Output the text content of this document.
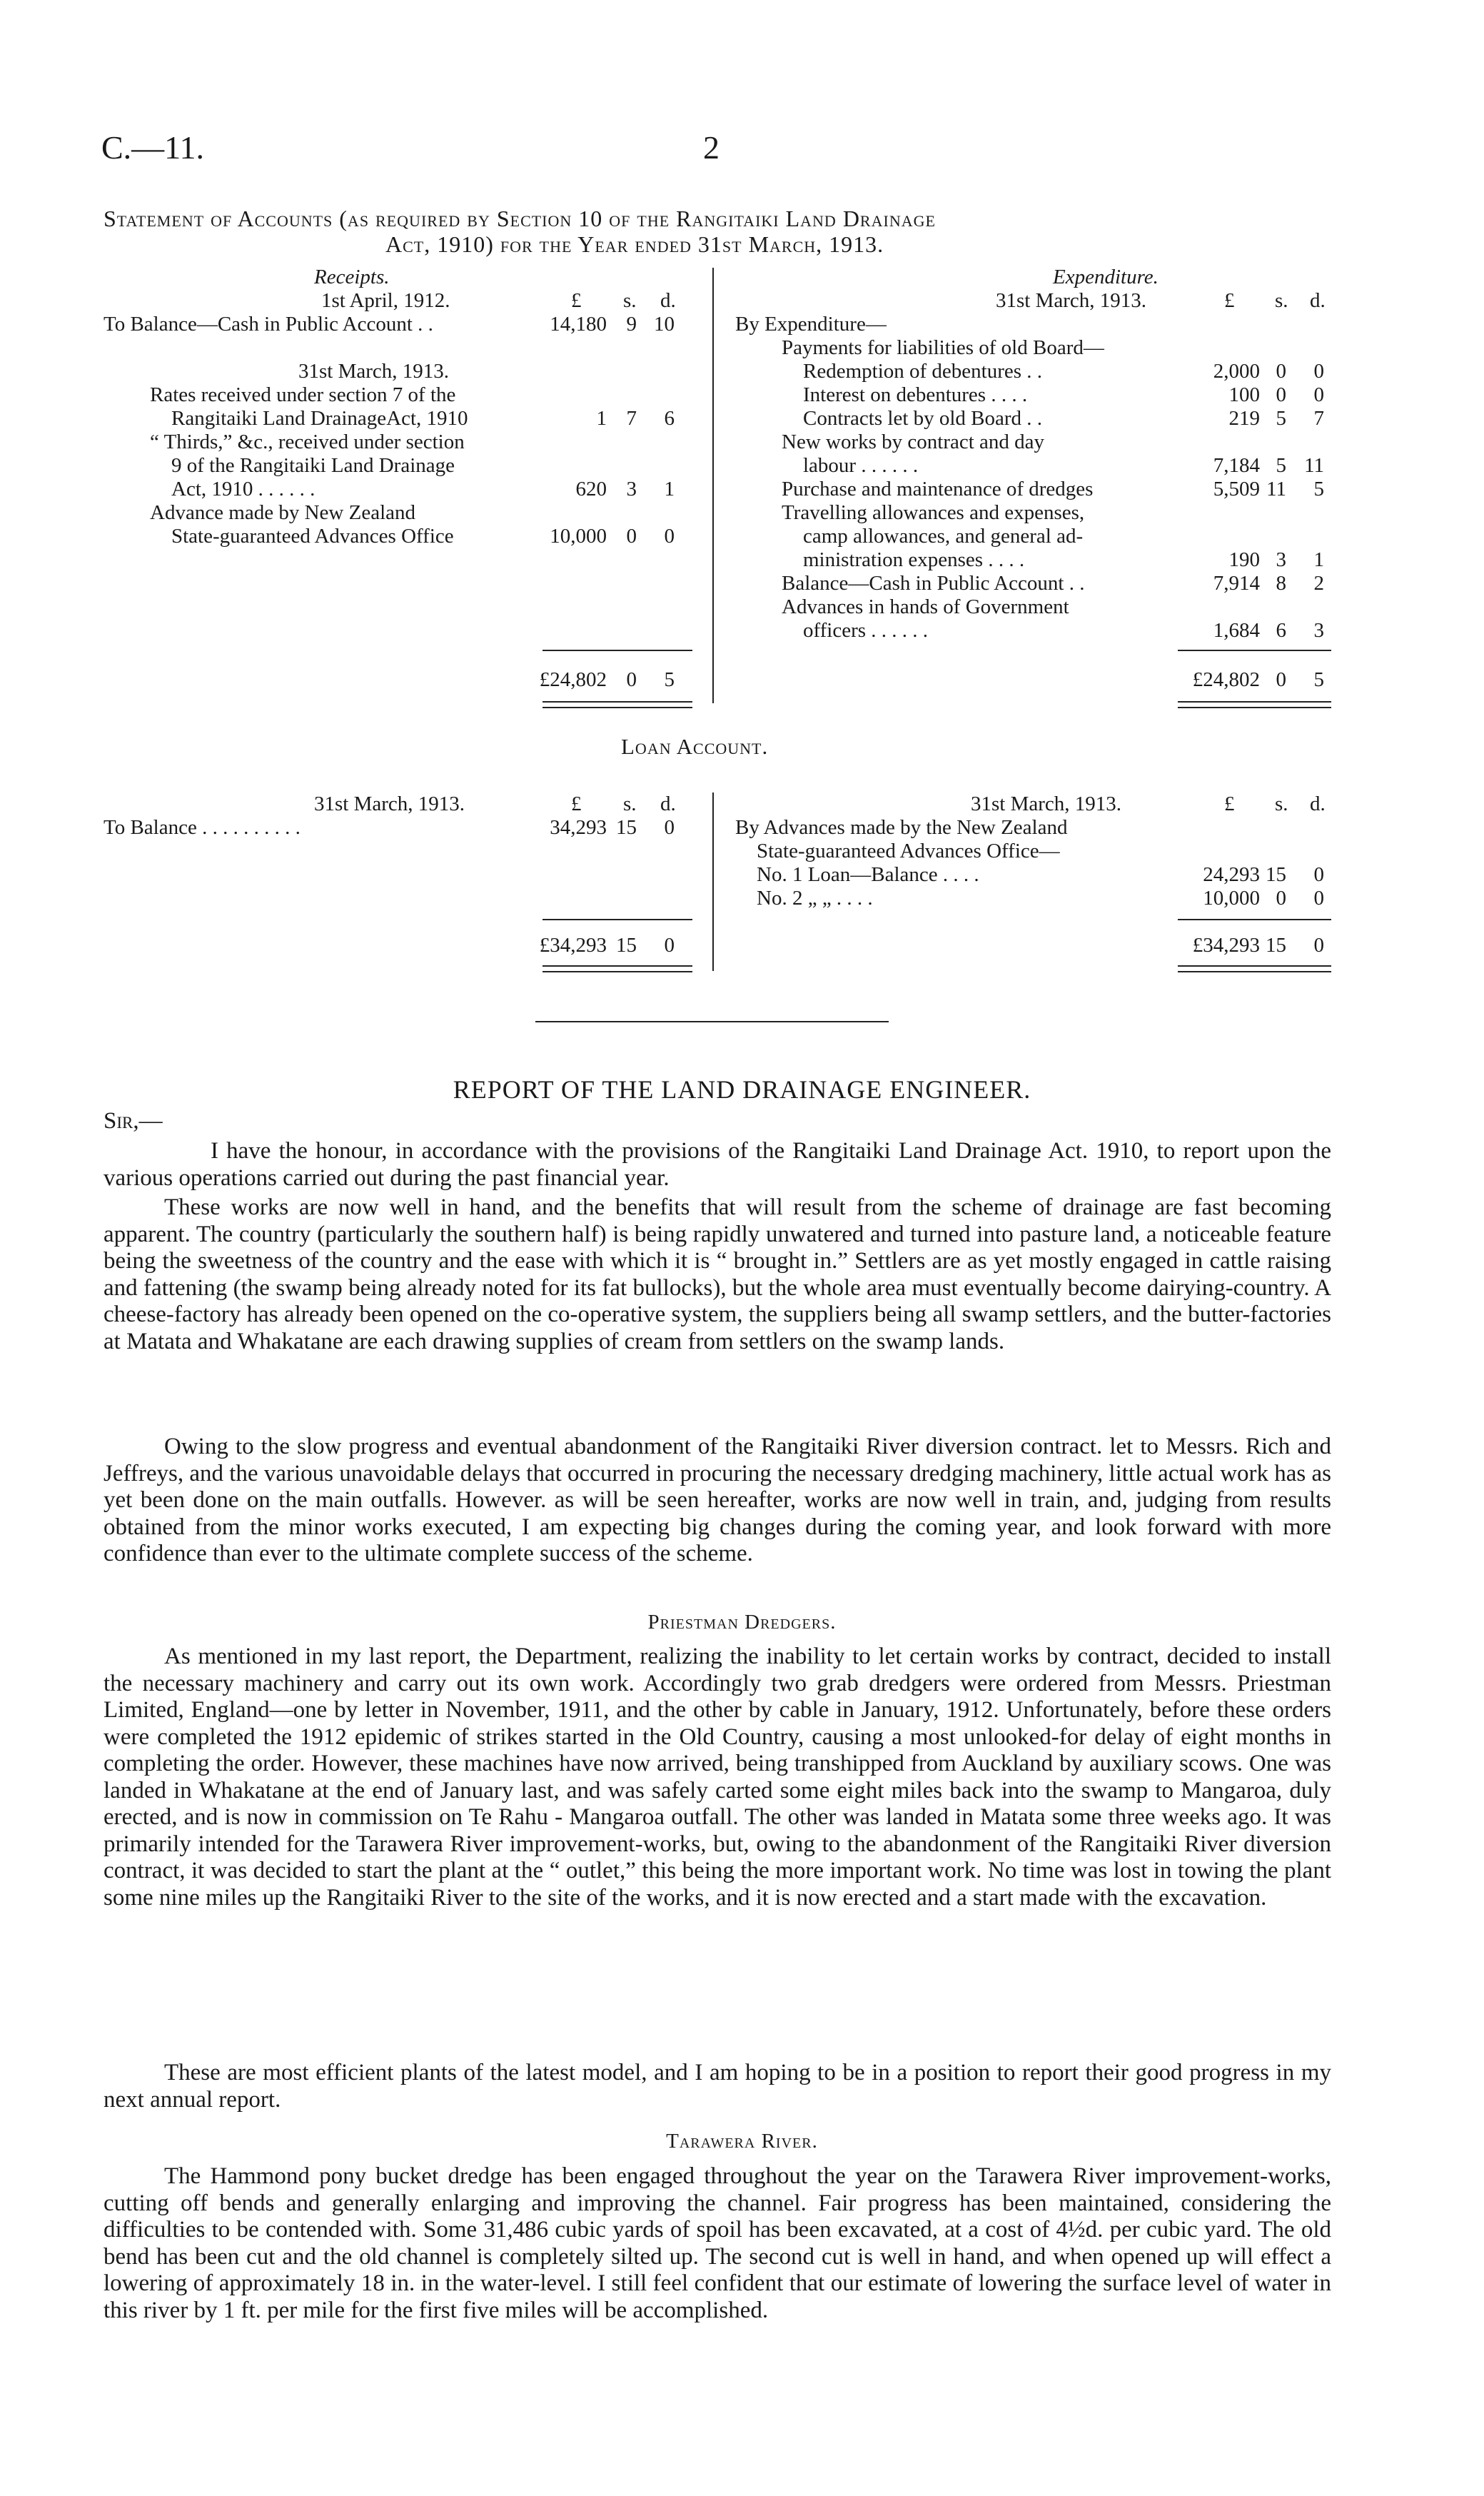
C.—11.	2
Statement of Accounts (as required by Section 10 of the Rangitaiki Land Drainage
Act, 1910) for the Year ended 31st March, 1913.
Receipts.
1st April, 1912.	£ s. d.
To Balance—Cash in Public Account . .	14,180 9 10
31st March, 1913.
Rates received under section 7 of the
Rangitaiki Land DrainageAct, 1910	1 7	6
“ Thirds,” &c., received under section
9 of the Rangitaiki Land Drainage
Act, 1910 . . . . . .	620 3	1
Advance made by New Zealand
State-guaranteed Advances Office	10,000 0	0
£24,802 0	5
Expenditure.
31st March, 1913.	£ s. d.
By Expenditure—
Payments for liabilities of old Board—
Redemption of debentures . .	2,000 0	0
Interest on debentures . . . .	100 0	0
Contracts let by old Board . .	219 5	7
New works by contract and day
labour . . . . . .	7,184 5 11
Purchase and maintenance of dredges	5,509 11	5
Travelling allowances and expenses,
camp allowances, and general ad-
ministration expenses . . . .	190 3	1
Balance—Cash in Public Account . .	7,914 8	2
Advances in hands of Government
officers . . . . . .	1,684 6	3
£24,802 0	5
Loan Account.
31st March, 1913.	£ s. d.
To Balance . . . . . . . . . .	34,293 15	0
£34,293 15	0
31st March, 1913.	£ s. d.
By Advances made by the New Zealand
State-guaranteed Advances Office—
No. 1 Loan—Balance . . . .	24,293 15	0
No. 2 „ „ . . . .	10,000 0	0
£34,293 15	0
REPORT OF THE LAND DRAINAGE ENGINEER.
Sir,—
I have the honour, in accordance with the provisions of the Rangitaiki Land Drainage Act. 1910, to report upon the various operations carried out during the past financial year.
These works are now well in hand, and the benefits that will result from the scheme of drainage are fast becoming apparent. The country (particularly the southern half) is being rapidly unwatered and turned into pasture land, a noticeable feature being the sweetness of the country and the ease with which it is “ brought in.” Settlers are as yet mostly engaged in cattle raising and fattening (the swamp being already noted for its fat bullocks), but the whole area must eventually become dairying-country. A cheese-factory has already been opened on the co-operative system, the suppliers being all swamp settlers, and the butter-factories at Matata and Whakatane are each drawing supplies of cream from settlers on the swamp lands.
Owing to the slow progress and eventual abandonment of the Rangitaiki River diversion contract. let to Messrs. Rich and Jeffreys, and the various unavoidable delays that occurred in procuring the necessary dredging machinery, little actual work has as yet been done on the main outfalls. However. as will be seen hereafter, works are now well in train, and, judging from results obtained from the minor works executed, I am expecting big changes during the coming year, and look forward with more confidence than ever to the ultimate complete success of the scheme.
Priestman Dredgers.
As mentioned in my last report, the Department, realizing the inability to let certain works by contract, decided to install the necessary machinery and carry out its own work. Accordingly two grab dredgers were ordered from Messrs. Priestman Limited, England—one by letter in November, 1911, and the other by cable in January, 1912. Unfortunately, before these orders were completed the 1912 epidemic of strikes started in the Old Country, causing a most unlooked-for delay of eight months in completing the order. However, these machines have now arrived, being transhipped from Auckland by auxiliary scows. One was landed in Whakatane at the end of January last, and was safely carted some eight miles back into the swamp to Mangaroa, duly erected, and is now in commission on Te Rahu - Mangaroa outfall. The other was landed in Matata some three weeks ago. It was primarily intended for the Tarawera River improvement-works, but, owing to the abandonment of the Rangitaiki River diversion contract, it was decided to start the plant at the “ outlet,” this being the more important work. No time was lost in towing the plant some nine miles up the Rangitaiki River to the site of the works, and it is now erected and a start made with the excavation.
These are most efficient plants of the latest model, and I am hoping to be in a position to report their good progress in my next annual report.
Tarawera River.
The Hammond pony bucket dredge has been engaged throughout the year on the Tarawera River improvement-works, cutting off bends and generally enlarging and improving the channel. Fair progress has been maintained, considering the difficulties to be contended with. Some 31,486 cubic yards of spoil has been excavated, at a cost of 4½d. per cubic yard. The old bend has been cut and the old channel is completely silted up. The second cut is well in hand, and when opened up will effect a lowering of approximately 18 in. in the water-level. I still feel confident that our estimate of lowering the surface level of water in this river by 1 ft. per mile for the first five miles will be accomplished.
